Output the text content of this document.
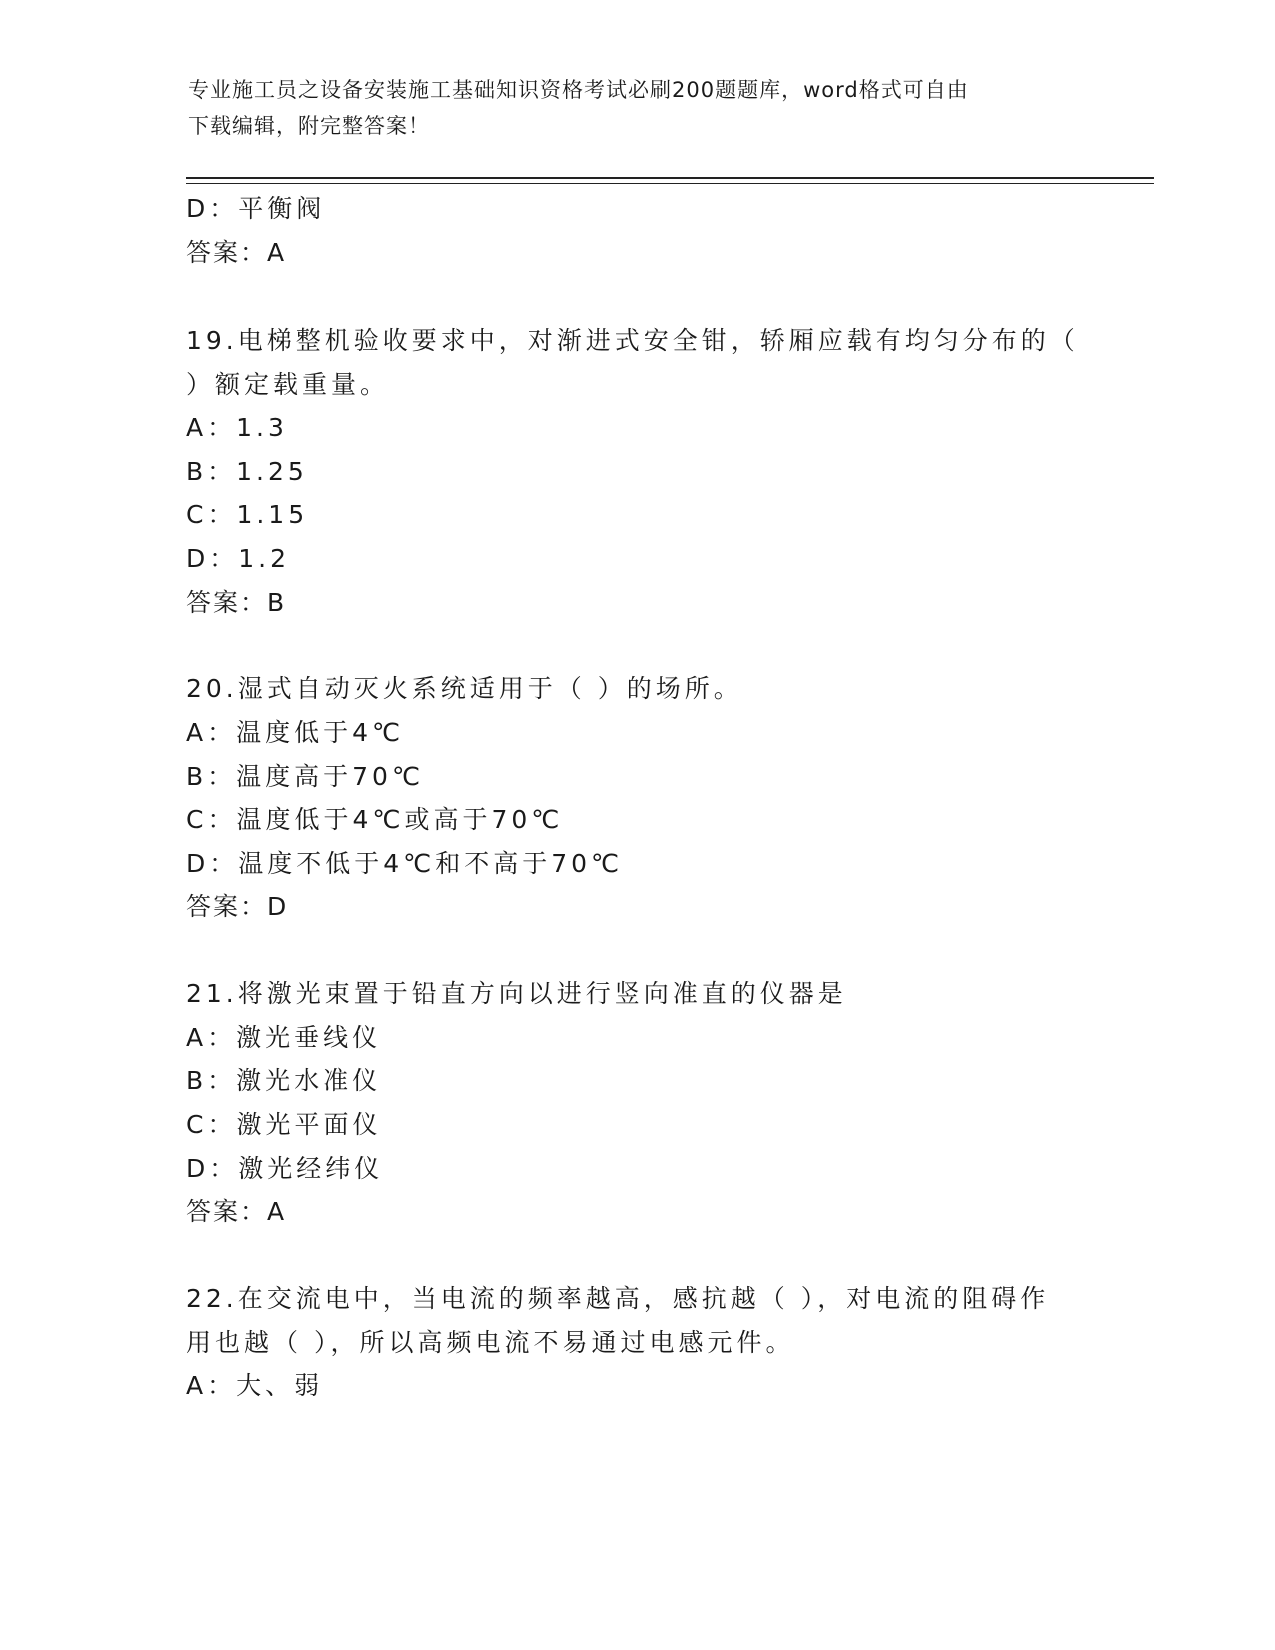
专业施工员之设备安装施工基础知识资格考试必刷200题题库，word格式可自由
下载编辑，附完整答案！
D：平衡阀
答案：A
19.电梯整机验收要求中，对渐进式安全钳，轿厢应载有均匀分布的（
）额定载重量。
A：1.3
B：1.25
C：1.15
D：1.2
答案：B
20.湿式自动灭火系统适用于（ ）的场所。
A：温度低于4℃
B：温度高于70℃
C：温度低于4℃或高于70℃
D：温度不低于4℃和不高于70℃
答案：D
21.将激光束置于铅直方向以进行竖向准直的仪器是
A：激光垂线仪
B：激光水准仪
C：激光平面仪
D：激光经纬仪
答案：A
22.在交流电中，当电流的频率越高，感抗越（ ），对电流的阻碍作
用也越（ ），所以高频电流不易通过电感元件。
A：大、弱
